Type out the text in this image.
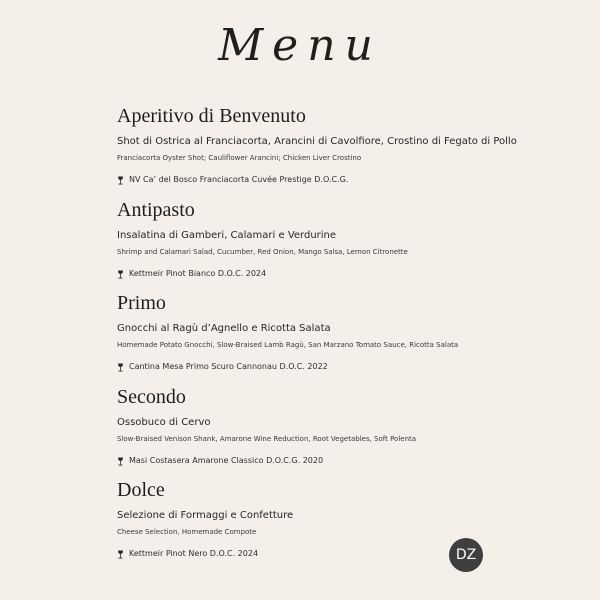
Menu
Aperitivo di Benvenuto
Shot di Ostrica al Franciacorta, Arancini di Cavolfiore, Crostino di Fegato di Pollo
Franciacorta Oyster Shot; Cauliflower Arancini; Chicken Liver Crostino
NV Ca’ del Bosco Franciacorta Cuvée Prestige D.O.C.G.
Antipasto
Insalatina di Gamberi, Calamari e Verdurine
Shrimp and Calamari Salad, Cucumber, Red Onion, Mango Salsa, Lemon Citronette
Kettmeir Pinot Bianco D.O.C. 2024
Primo
Gnocchi al Ragù d’Agnello e Ricotta Salata
Homemade Potato Gnocchi, Slow-Braised Lamb Ragù, San Marzano Tomato Sauce, Ricotta Salata
Cantina Mesa Primo Scuro Cannonau D.O.C. 2022
Secondo
Ossobuco di Cervo
Slow-Braised Venison Shank, Amarone Wine Reduction, Root Vegetables, Soft Polenta
Masi Costasera Amarone Classico D.O.C.G. 2020
Dolce
Selezione di Formaggi e Confetture
Cheese Selection, Homemade Compote
Kettmeir Pinot Nero D.O.C. 2024	DZ
